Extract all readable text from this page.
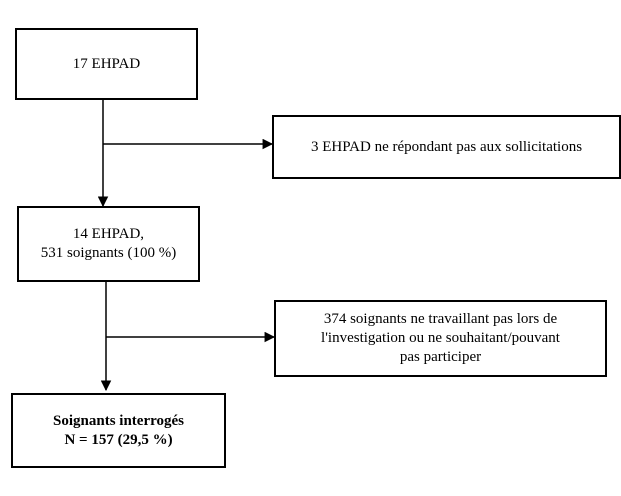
17 EHPAD
3 EHPAD ne répondant pas aux sollicitations
14 EHPAD,
531 soignants (100 %)
374 soignants ne travaillant pas lors de
l'investigation ou ne souhaitant/pouvant
pas participer
Soignants interrogés
N = 157 (29,5 %)
